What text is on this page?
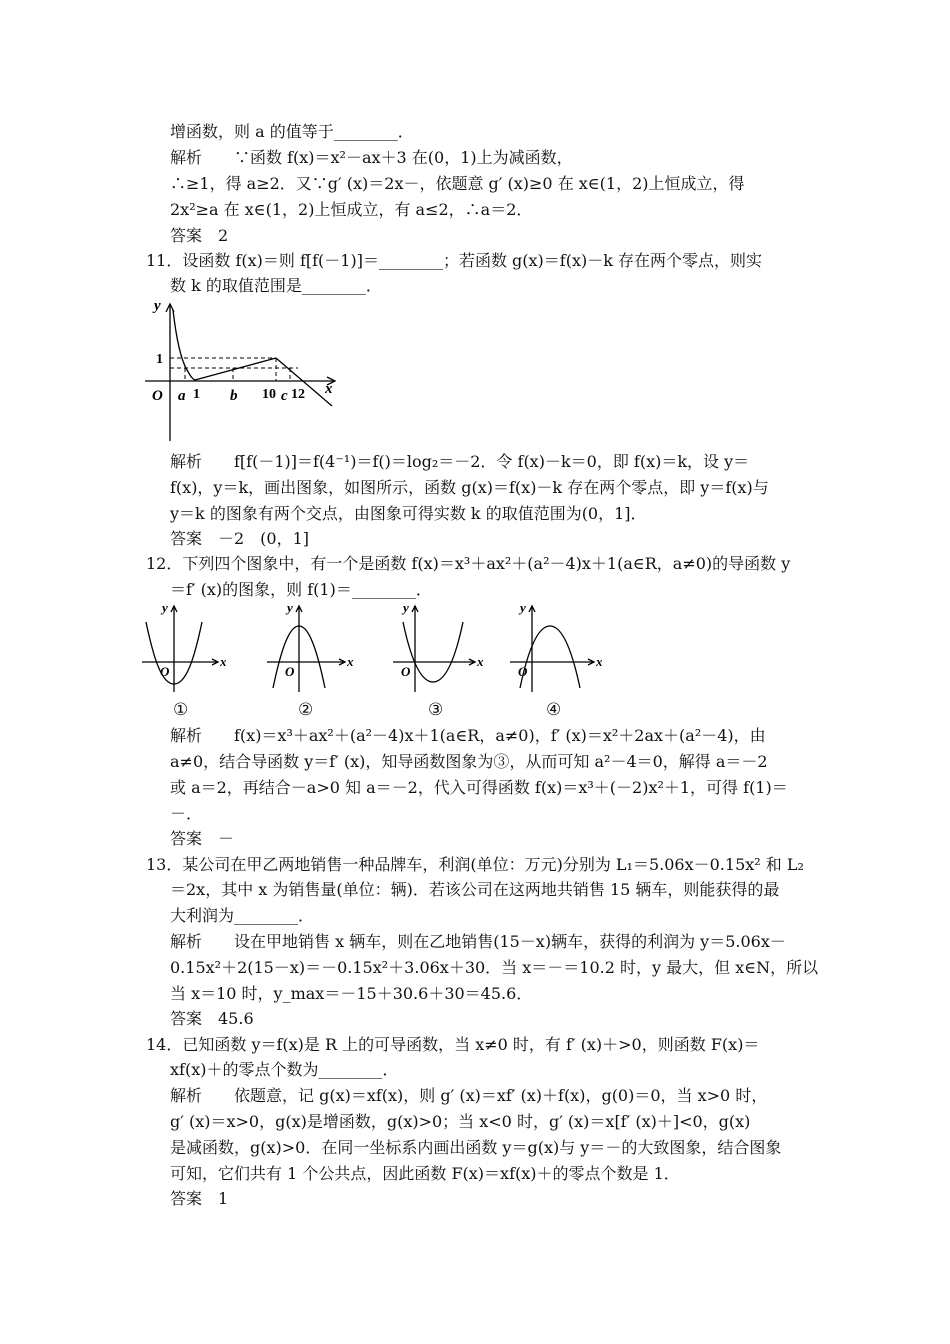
增函数，则 a 的值等于________．
解析　　∵函数 f(x)＝x²－ax＋3 在(0，1)上为减函数，
∴≥1，得 a≥2．又∵g′ (x)＝2x－，依题意 g′ (x)≥0 在 x∈(1，2)上恒成立，得
2x²≥a 在 x∈(1，2)上恒成立，有 a≤2，∴a＝2．
答案　2
11．设函数 f(x)＝则 f[f(－1)]＝________；若函数 g(x)＝f(x)－k 存在两个零点，则实
数 k 的取值范围是________．
y
x
O a	b	c
1
1	10 12
解析　　f[f(－1)]＝f(4⁻¹)＝f()＝log₂＝－2．令 f(x)－k＝0，即 f(x)＝k，设 y＝
f(x)，y＝k，画出图象，如图所示，函数 g(x)＝f(x)－k 存在两个零点，即 y＝f(x)与
y＝k 的图象有两个交点，由图象可得实数 k 的取值范围为(0，1]．
答案　－2　(0，1]
12．下列四个图象中，有一个是函数 f(x)＝x³＋ax²＋(a²－4)x＋1(a∈R，a≠0)的导函数 y
＝f′ (x)的图象，则 f(1)＝________．
y
x
O
y
x
O
y
x
O
y
x
O
①	②	③	④
解析　　f(x)＝x³＋ax²＋(a²－4)x＋1(a∈R，a≠0)，f′ (x)＝x²＋2ax＋(a²－4)，由
a≠0，结合导函数 y＝f′ (x)，知导函数图象为③，从而可知 a²－4＝0，解得 a＝－2
或 a＝2，再结合－a>0 知 a＝－2，代入可得函数 f(x)＝x³＋(－2)x²＋1，可得 f(1)＝
－．
答案　－
13．某公司在甲乙两地销售一种品牌车，利润(单位：万元)分别为 L₁＝5.06x－0.15x² 和 L₂
＝2x，其中 x 为销售量(单位：辆)．若该公司在这两地共销售 15 辆车，则能获得的最
大利润为________．
解析　　设在甲地销售 x 辆车，则在乙地销售(15－x)辆车，获得的利润为 y＝5.06x－
0.15x²＋2(15－x)＝－0.15x²＋3.06x＋30．当 x＝－＝10.2 时，y 最大，但 x∈N，所以
当 x＝10 时，y_max＝－15＋30.6＋30＝45.6．
答案　45.6
14．已知函数 y＝f(x)是 R 上的可导函数，当 x≠0 时，有 f′ (x)＋>0，则函数 F(x)＝
xf(x)＋的零点个数为________．
解析　　依题意，记 g(x)＝xf(x)，则 g′ (x)＝xf′ (x)＋f(x)，g(0)＝0，当 x>0 时，
g′ (x)＝x>0，g(x)是增函数，g(x)>0；当 x<0 时，g′ (x)＝x[f′ (x)＋]<0，g(x)
是减函数，g(x)>0．在同一坐标系内画出函数 y＝g(x)与 y＝－的大致图象，结合图象
可知，它们共有 1 个公共点，因此函数 F(x)＝xf(x)＋的零点个数是 1．
答案　1
